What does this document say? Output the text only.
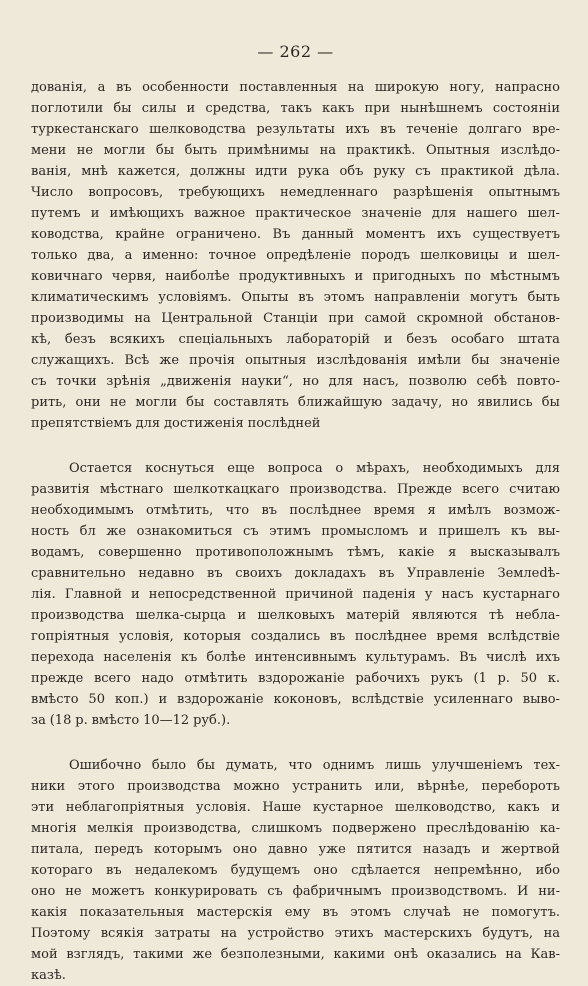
— 262 —
дованія, а въ особенности поставленныя на широкую ногу, напрасно
поглотили бы силы и средства, такъ какъ при нынѣшнемъ состояніи
туркестанскаго шелководства результаты ихъ въ теченіе долгаго вре-
мени не могли бы быть примѣнимы на практикѣ. Опытныя изслѣдо-
ванія, мнѣ кажется, должны идти рука объ руку съ практикой дѣла.
Число вопросовъ, требующихъ немедленнаго разрѣшенія опытнымъ
путемъ и имѣющихъ важное практическое значеніе для нашего шел-
ководства, крайне ограничено. Въ данный моментъ ихъ существуетъ
только два, а именно: точное опредѣленіе породъ шелковицы и шел-
ковичнаго червя, наиболѣе продуктивныхъ и пригодныхъ по мѣстнымъ
климатическимъ условіямъ. Опыты въ этомъ направленіи могутъ быть
производимы на Центральной Станціи при самой скромной обстанов-
кѣ, безъ всякихъ спеціальныхъ лабораторій и безъ особаго штата
служащихъ. Всѣ же прочія опытныя изслѣдованія имѣли бы значеніе
съ точки зрѣнія „движенія науки“, но для насъ, позволю себѣ повто-
рить, они не могли бы составлять ближайшую задачу, но явились бы
препятствіемъ для достиженія послѣдней
Остается коснуться еще вопроса о мѣрахъ, необходимыхъ для
развитія мѣстнаго шелкоткацкаго производства. Прежде всего считаю
необходимымъ отмѣтить, что въ послѣднее время я имѣлъ возмож-
ность бл же ознакомиться съ этимъ промысломъ и пришелъ къ вы-
водамъ, совершенно противоположнымъ тѣмъ, какіе я высказывалъ
сравнительно недавно въ своихъ докладахъ въ Управленіе Землеdѣ-
лія. Главной и непосредственной причиной паденія у насъ кустарнаго
производства шелка-сырца и шелковыхъ матерій являются тѣ небла-
гопріятныя условія, которыя создались въ послѣднее время вслѣдствіе
перехода населенія къ болѣе интенсивнымъ культурамъ. Въ числѣ ихъ
прежде всего надо отмѣтить вздорожаніе рабочихъ рукъ (1 р. 50 к.
вмѣсто 50 коп.) и вздорожаніе коконовъ, вслѣдствіе усиленнаго выво-
за (18 р. вмѣсто 10—12 руб.).
Ошибочно было бы думать, что однимъ лишь улучшеніемъ тех-
ники этого производства можно устранить или, вѣрнѣе, перебороть
эти неблагопріятныя условія. Наше кустарное шелководство, какъ и
многія мелкія производства, слишкомъ подвержено преслѣдованію ка-
питала, передъ которымъ оно давно уже пятится назадъ и жертвой
котораго въ недалекомъ будущемъ оно сдѣлается непремѣнно, ибо
оно не можетъ конкурировать съ фабричнымъ производствомъ. И ни-
какія показательныя мастерскія ему въ этомъ случаѣ не помогутъ.
Поэтому всякія затраты на устройство этихъ мастерскихъ будутъ, на
мой взглядъ, такими же безполезными, какими онѣ оказались на Кав-
казѣ.
